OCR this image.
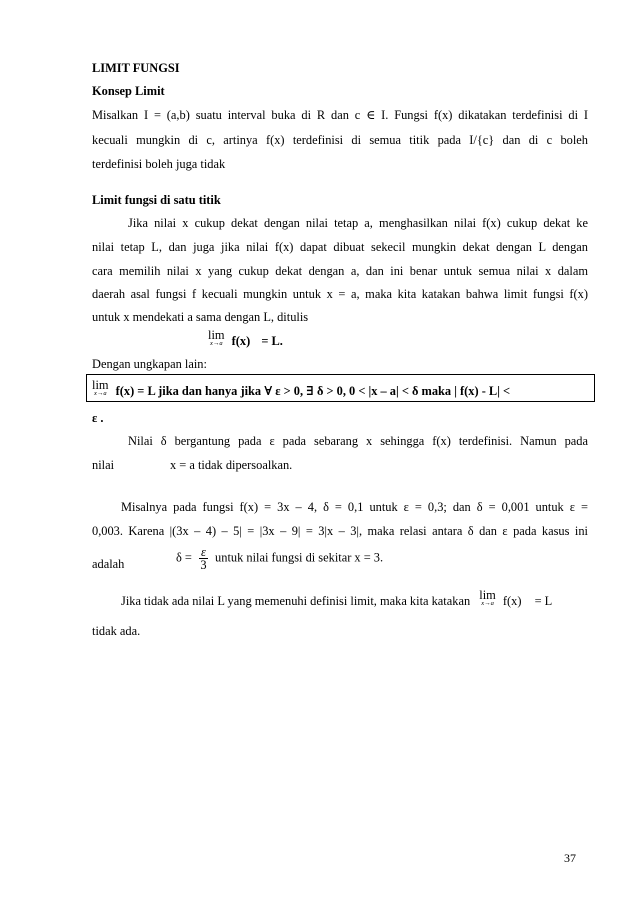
LIMIT FUNGSI
Konsep Limit
Misalkan I = (a,b) suatu interval buka di R dan c ∈ I. Fungsi f(x) dikatakan terdefinisi di I
kecuali mungkin di c, artinya f(x) terdefinisi di semua titik pada I/{c} dan di c boleh
terdefinisi boleh juga tidak
Limit fungsi di satu titik
Jika nilai x cukup dekat dengan nilai tetap a, menghasilkan nilai f(x) cukup dekat ke
nilai tetap L, dan juga jika nilai f(x) dapat dibuat sekecil mungkin dekat dengan L dengan
cara memilih nilai x yang cukup dekat dengan a, dan ini benar untuk semua nilai x dalam
daerah asal fungsi f kecuali mungkin untuk x = a, maka kita katakan bahwa limit fungsi f(x)
untuk x mendekati a sama dengan L, ditulis
lim
x→a f(x) = L.
Dengan ungkapan lain:
lim
x→a f(x) = L jika dan hanya jika ∀ ε > 0, ∃ δ > 0, 0 < |x – a| < δ maka | f(x) - L| <
ε .
Nilai δ bergantung pada ε pada sebarang x sehingga f(x) terdefinisi. Namun pada
nilai	x = a tidak dipersoalkan.
Misalnya pada fungsi f(x) = 3x – 4, δ = 0,1 untuk ε = 0,3; dan δ = 0,001 untuk ε =
0,003. Karena |(3x – 4) – 5| = |3x – 9| = 3|x – 3|, maka relasi antara δ dan ε pada kasus ini
adalah	$\delta = \frac{\varepsilon}{3}$ untuk nilai fungsi di sekitar x = 3.
Jika tidak ada nilai L yang memenuhi definisi limit, maka kita katakan lim
x→a f(x) = L
tidak ada.
37
